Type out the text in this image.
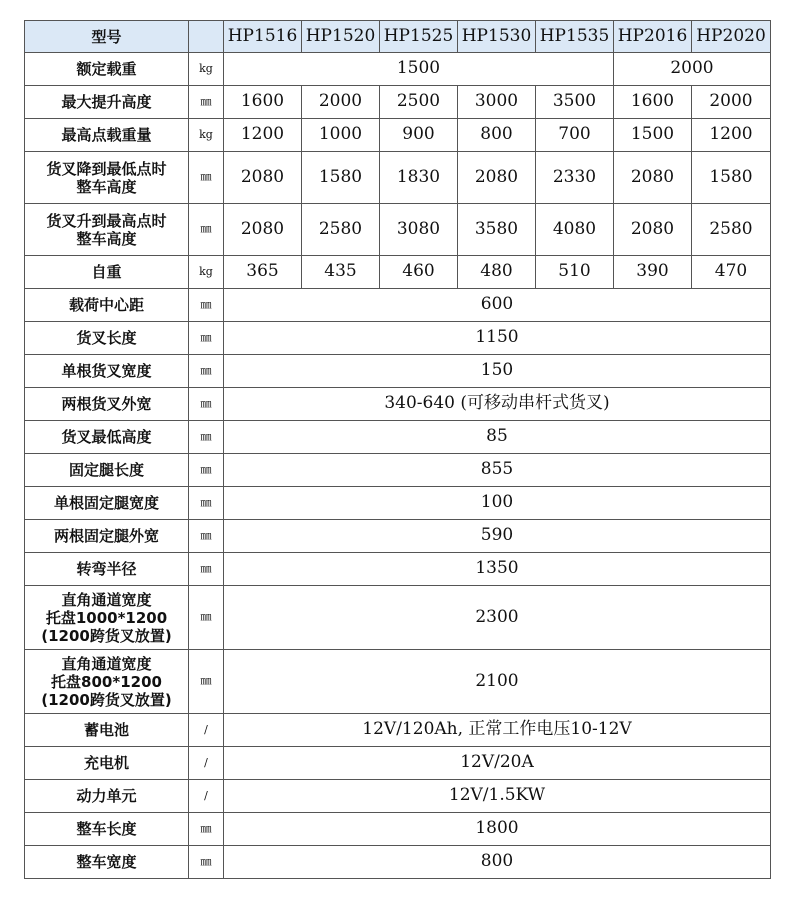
型号		HP1516	HP1520	HP1525	HP1530	HP1535	HP2016	HP2020
额定载重	kg	1500					2000	
最大提升高度	㎜	1600	2000	2500	3000	3500	1600	2000
最高点载重量	kg	1200	1000	900	800	700	1500	1200
货叉降到最低点时
整车高度	㎜	2080	1580	1830	2080	2330	2080	1580
货叉升到最高点时
整车高度	㎜	2080	2580	3080	3580	4080	2080	2580
自重	kg	365	435	460	480	510	390	470
载荷中心距	㎜	600						
货叉长度	㎜	1150						
单根货叉宽度	㎜	150						
两根货叉外宽	㎜	340-640 (可移动串杆式货叉)						
货叉最低高度	㎜	85						
固定腿长度	㎜	855						
单根固定腿宽度	㎜	100						
两根固定腿外宽	㎜	590						
转弯半径	㎜	1350						
直角通道宽度
托盘1000*1200
(1200跨货叉放置)	㎜	2300						
直角通道宽度
托盘800*1200
(1200跨货叉放置)	㎜	2100						
蓄电池	/	12V/120Ah, 正常工作电压10-12V						
充电机	/	12V/20A						
动力单元	/	12V/1.5KW						
整车长度	㎜	1800						
整车宽度	㎜	800						
